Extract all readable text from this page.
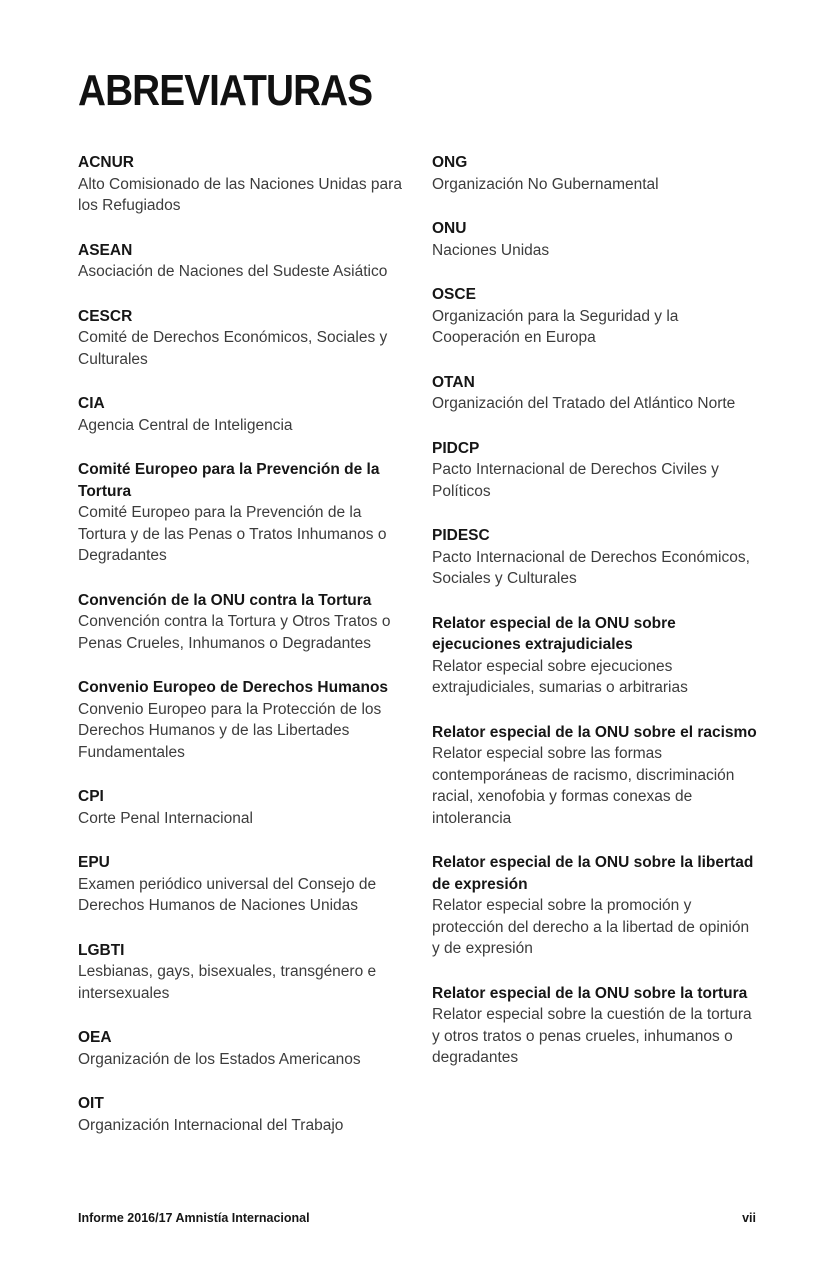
ABREVIATURAS
ACNUR
Alto Comisionado de las Naciones Unidas para los Refugiados
ASEAN
Asociación de Naciones del Sudeste Asiático
CESCR
Comité de Derechos Económicos, Sociales y Culturales
CIA
Agencia Central de Inteligencia
Comité Europeo para la Prevención de la Tortura
Comité Europeo para la Prevención de la Tortura y de las Penas o Tratos Inhumanos o Degradantes
Convención de la ONU contra la Tortura
Convención contra la Tortura y Otros Tratos o Penas Crueles, Inhumanos o Degradantes
Convenio Europeo de Derechos Humanos
Convenio Europeo para la Protección de los Derechos Humanos y de las Libertades Fundamentales
CPI
Corte Penal Internacional
EPU
Examen periódico universal del Consejo de Derechos Humanos de Naciones Unidas
LGBTI
Lesbianas, gays, bisexuales, transgénero e intersexuales
OEA
Organización de los Estados Americanos
OIT
Organización Internacional del Trabajo
ONG
Organización No Gubernamental
ONU
Naciones Unidas
OSCE
Organización para la Seguridad y la Cooperación en Europa
OTAN
Organización del Tratado del Atlántico Norte
PIDCP
Pacto Internacional de Derechos Civiles y Políticos
PIDESC
Pacto Internacional de Derechos Económicos, Sociales y Culturales
Relator especial de la ONU sobre ejecuciones extrajudiciales
Relator especial sobre ejecuciones extrajudiciales, sumarias o arbitrarias
Relator especial de la ONU sobre el racismo
Relator especial sobre las formas contemporáneas de racismo, discriminación racial, xenofobia y formas conexas de intolerancia
Relator especial de la ONU sobre la libertad de expresión
Relator especial sobre la promoción y protección del derecho a la libertad de opinión y de expresión
Relator especial de la ONU sobre la tortura
Relator especial sobre la cuestión de la tortura y otros tratos o penas crueles, inhumanos o degradantes
Informe 2016/17 Amnistía Internacional	vii
